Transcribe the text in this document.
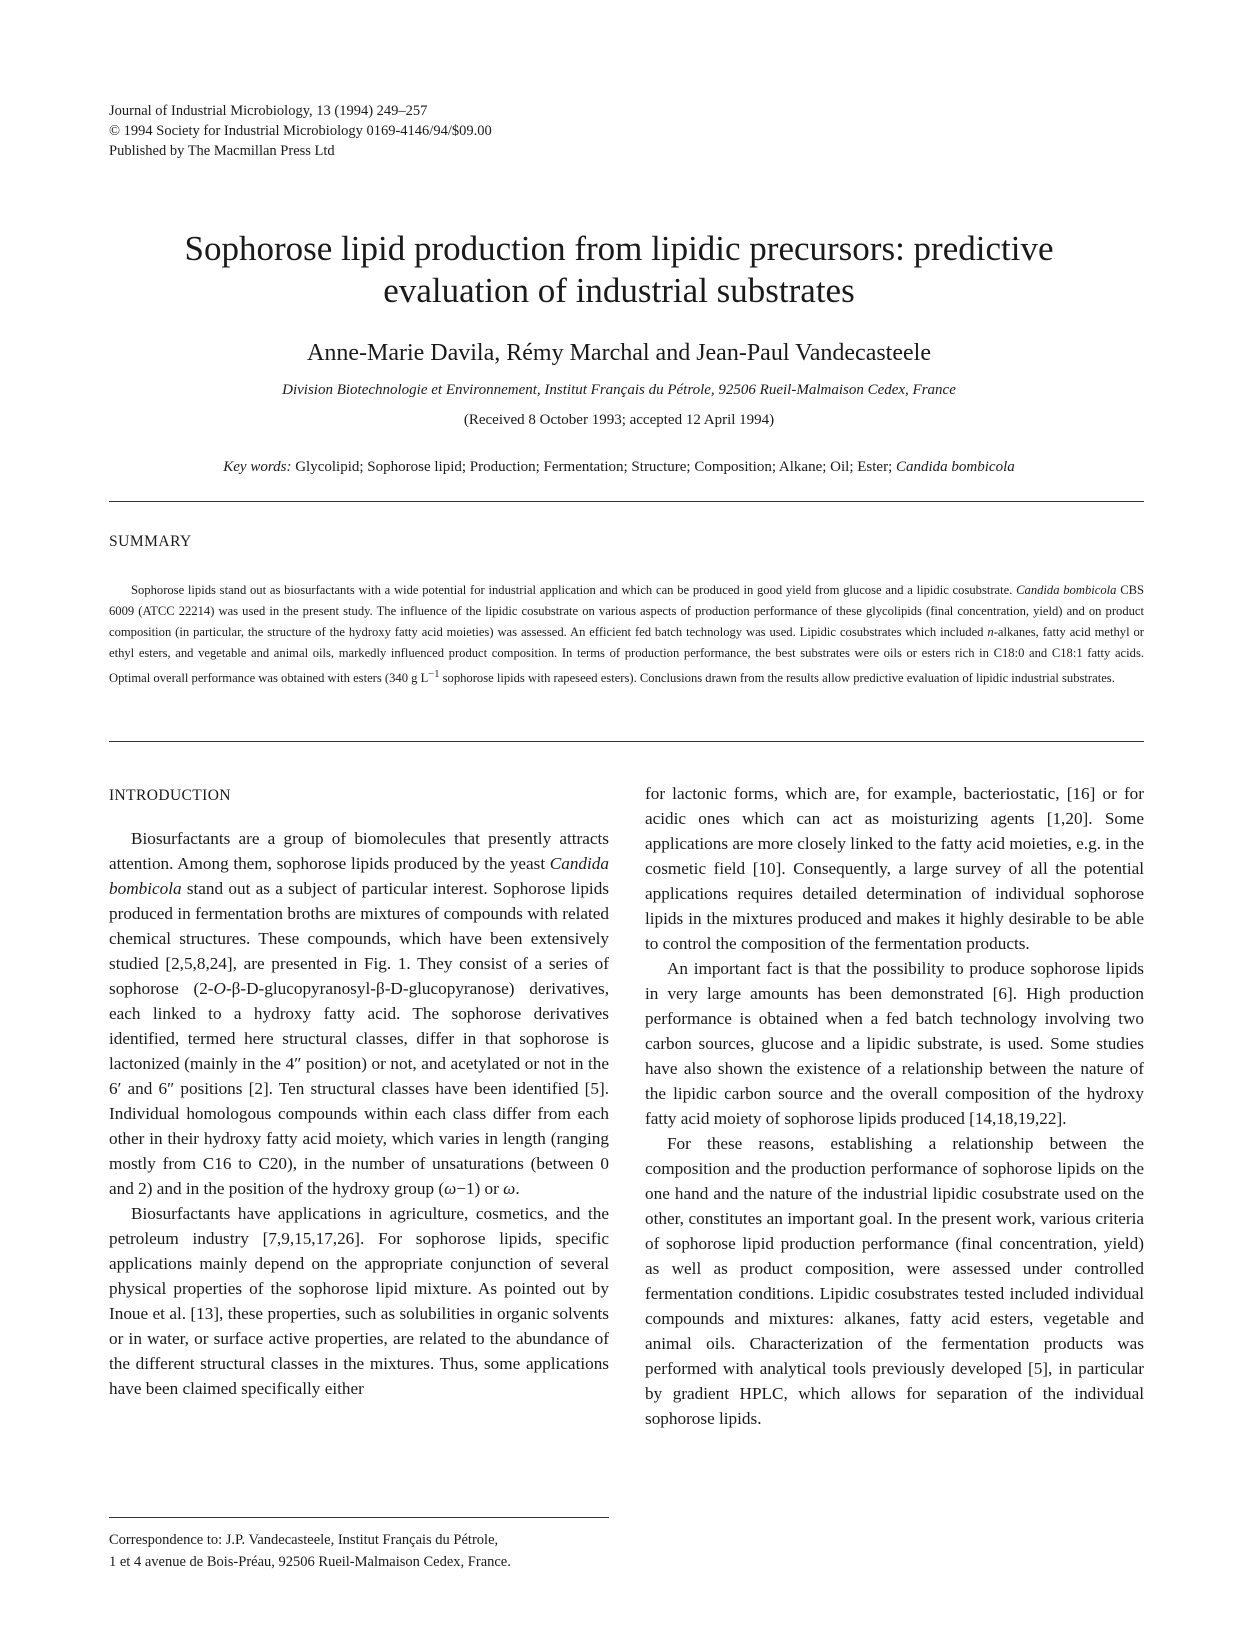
Journal of Industrial Microbiology, 13 (1994) 249–257
© 1994 Society for Industrial Microbiology 0169-4146/94/$09.00
Published by The Macmillan Press Ltd
Sophorose lipid production from lipidic precursors: predictive
evaluation of industrial substrates
Anne-Marie Davila, Rémy Marchal and Jean-Paul Vandecasteele
Division Biotechnologie et Environnement, Institut Français du Pétrole, 92506 Rueil-Malmaison Cedex, France
(Received 8 October 1993; accepted 12 April 1994)
Key words: Glycolipid; Sophorose lipid; Production; Fermentation; Structure; Composition; Alkane; Oil; Ester; Candida bombicola
SUMMARY
Sophorose lipids stand out as biosurfactants with a wide potential for industrial application and which can be produced in good yield from glucose and a lipidic cosubstrate. Candida bombicola CBS 6009 (ATCC 22214) was used in the present study. The influence of the lipidic cosubstrate on various aspects of production performance of these glycolipids (final concentration, yield) and on product composition (in particular, the structure of the hydroxy fatty acid moieties) was assessed. An efficient fed batch technology was used. Lipidic cosubstrates which included n-alkanes, fatty acid methyl or ethyl esters, and vegetable and animal oils, markedly influenced product composition. In terms of production performance, the best substrates were oils or esters rich in C18:0 and C18:1 fatty acids. Optimal overall performance was obtained with esters (340 g $L^{-1}$ sophorose lipids with rapeseed esters). Conclusions drawn from the results allow predictive evaluation of lipidic industrial substrates.
INTRODUCTION

Biosurfactants are a group of biomolecules that presently attracts attention. Among them, sophorose lipids produced by the yeast Candida bombicola stand out as a subject of particular interest. Sophorose lipids produced in fermentation broths are mixtures of compounds with related chemical structures. These compounds, which have been extensively studied [2,5,8,24], are presented in Fig. 1. They consist of a series of sophorose (2-O-β-D-glucopyranosyl-β-D-glucopyranose) derivatives, each linked to a hydroxy fatty acid. The sophorose derivatives identified, termed here structural classes, differ in that sophorose is lactonized (mainly in the 4″ position) or not, and acetylated or not in the 6′ and 6″ positions [2]. Ten structural classes have been identified [5]. Individual homologous compounds within each class differ from each other in their hydroxy fatty acid moiety, which varies in length (ranging mostly from C16 to C20), in the number of unsaturations (between 0 and 2) and in the position of the hydroxy group (ω−1) or ω.

Biosurfactants have applications in agriculture, cosmetics, and the petroleum industry [7,9,15,17,26]. For sophorose lipids, specific applications mainly depend on the appropriate conjunction of several physical properties of the sophorose lipid mixture. As pointed out by Inoue et al. [13], these properties, such as solubilities in organic solvents or in water, or surface active properties, are related to the abundance of the different structural classes in the mixtures. Thus, some applications have been claimed specifically either

for lactonic forms, which are, for example, bacteriostatic, [16] or for acidic ones which can act as moisturizing agents [1,20]. Some applications are more closely linked to the fatty acid moieties, e.g. in the cosmetic field [10]. Consequently, a large survey of all the potential applications requires detailed determination of individual sophorose lipids in the mixtures produced and makes it highly desirable to be able to control the composition of the fermentation products.

An important fact is that the possibility to produce sophorose lipids in very large amounts has been demonstrated [6]. High production performance is obtained when a fed batch technology involving two carbon sources, glucose and a lipidic substrate, is used. Some studies have also shown the existence of a relationship between the nature of the lipidic carbon source and the overall composition of the hydroxy fatty acid moiety of sophorose lipids produced [14,18,19,22].

For these reasons, establishing a relationship between the composition and the production performance of sophorose lipids on the one hand and the nature of the industrial lipidic cosubstrate used on the other, constitutes an important goal. In the present work, various criteria of sophorose lipid production performance (final concentration, yield) as well as product composition, were assessed under controlled fermentation conditions. Lipidic cosubstrates tested included individual compounds and mixtures: alkanes, fatty acid esters, vegetable and animal oils. Characterization of the fermentation products was performed with analytical tools previously developed [5], in particular by gradient HPLC, which allows for separation of the individual sophorose lipids.

Correspondence to: J.P. Vandecasteele, Institut Français du Pétrole,
1 et 4 avenue de Bois-Préau, 92506 Rueil-Malmaison Cedex, France.
